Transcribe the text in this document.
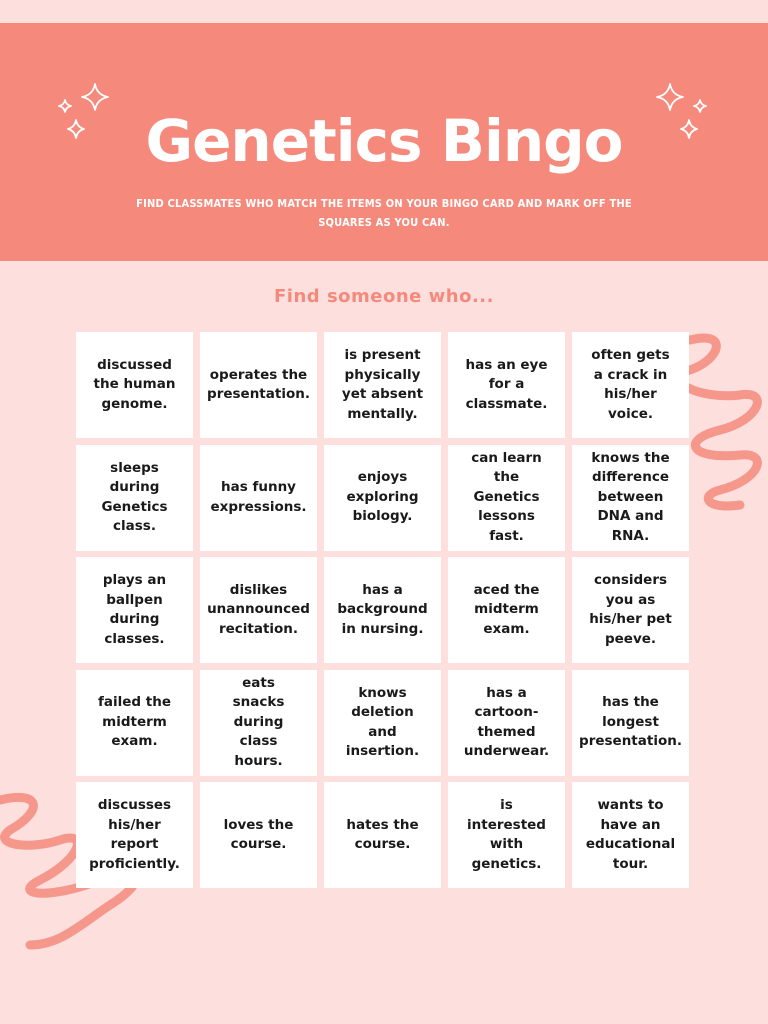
Genetics Bingo
FIND CLASSMATES WHO MATCH THE ITEMS ON YOUR BINGO CARD AND MARK OFF THE SQUARES AS YOU CAN.
Find someone who...
discussed the human genome.
operates the presentation.
is present physically yet absent mentally.
has an eye for a classmate.
often gets a crack in his/her voice.
sleeps during Genetics class.
has funny expressions.
enjoys exploring biology.
can learn the Genetics lessons fast.
knows the difference between DNA and RNA.
plays an ballpen during classes.
dislikes unannounced recitation.
has a background in nursing.
aced the midterm exam.
considers you as his/her pet peeve.
failed the midterm exam.
eats snacks during class hours.
knows deletion and insertion.
has a cartoon-themed underwear.
has the longest presentation.
discusses his/her report proficiently.
loves the course.
hates the course.
is interested with genetics.
wants to have an educational tour.
